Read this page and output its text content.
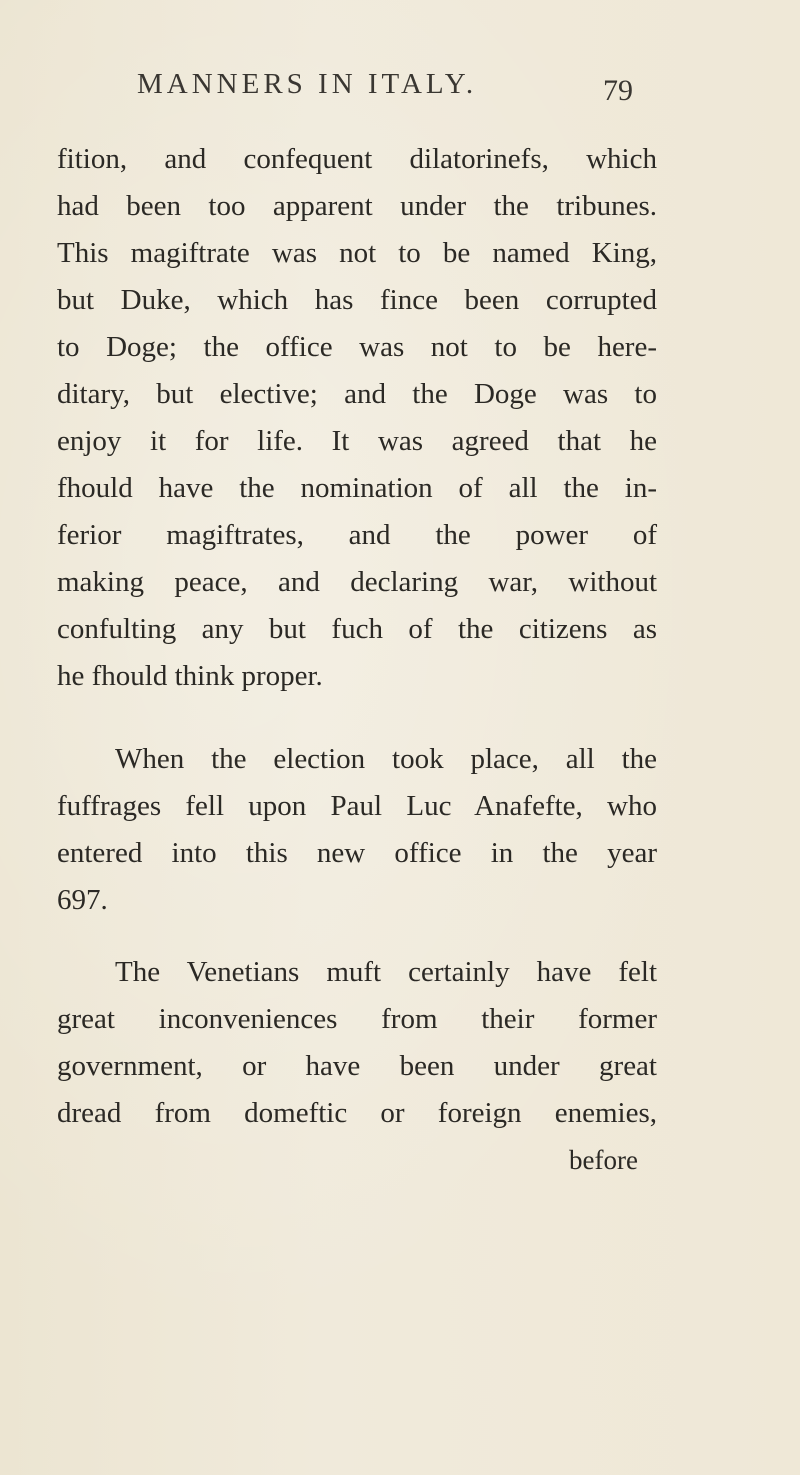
MANNERS IN ITALY.	79
fition, and confequent dilatorinefs, which
had been too apparent under the tribunes.
This magiftrate was not to be named King,
but Duke, which has fince been corrupted
to Doge; the office was not to be here-
ditary, but elective; and the Doge was to
enjoy it for life. It was agreed that he
fhould have the nomination of all the in-
ferior magiftrates, and the power of
making peace, and declaring war, without
confulting any but fuch of the citizens as
he fhould think proper.
When the election took place, all the
fuffrages fell upon Paul Luc Anafefte, who
entered into this new office in the year
697.
The Venetians muft certainly have felt
great inconveniences from their former
government, or have been under great
dread from domeftic or foreign enemies,
before
